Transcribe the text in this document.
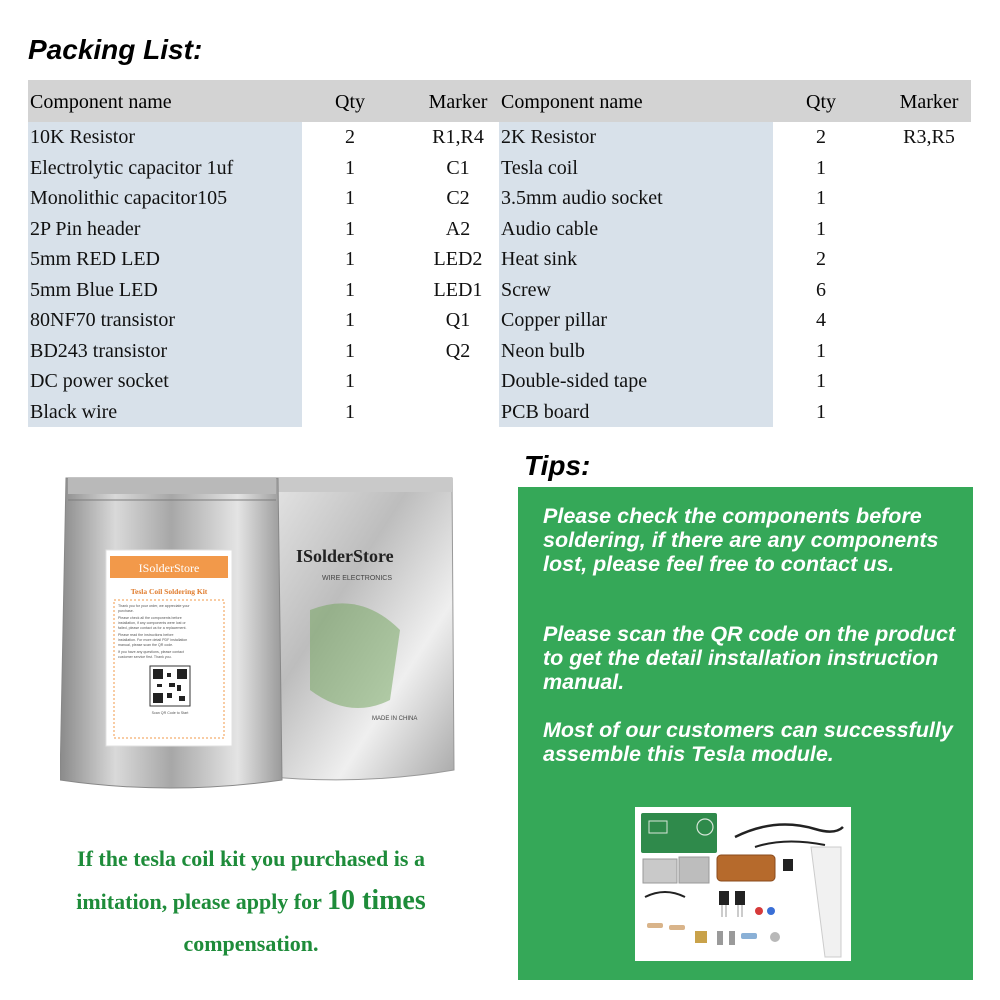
Packing List:
Component name	Qty	Marker
10K Resistor	2	R1,R4
Electrolytic capacitor 1uf	1	C1
Monolithic capacitor105	1	C2
2P Pin header	1	A2
5mm RED LED	1	LED2
5mm Blue LED	1	LED1
80NF70 transistor	1	Q1
BD243 transistor	1	Q2
DC power socket	1
Black wire	1
Component name	Qty	Marker
2K Resistor	2	R3,R5
Tesla coil	1
3.5mm audio socket	1
Audio cable	1
Heat sink	2
Screw	6
Copper pillar	4
Neon bulb	1
Double-sided tape	1
PCB board	1
ISolderStore
WIRE ELECTRONICS
MADE IN CHINA
ISolderStore
Tesla Coil Soldering Kit
Thank you for your order, we appreciate your
purchase.
Please check all the components before
installation, if any components were lost or
failed, please contact us for a replacement.
Please read the instructions before
installation. For more detail PDF installation
manual, please scan the QR code.
If you have any questions, please contact
customer service first. Thank you.
Scan QR Code to Start
If the tesla coil kit you purchased is a
imitation, please apply for 10 times
compensation.
Tips:
Please check the components before soldering, if there are any components lost, please feel free to contact us.
Please scan the QR code on the product to get the detail installation instruction manual.
Most of our customers can successfully assemble this Tesla module.
